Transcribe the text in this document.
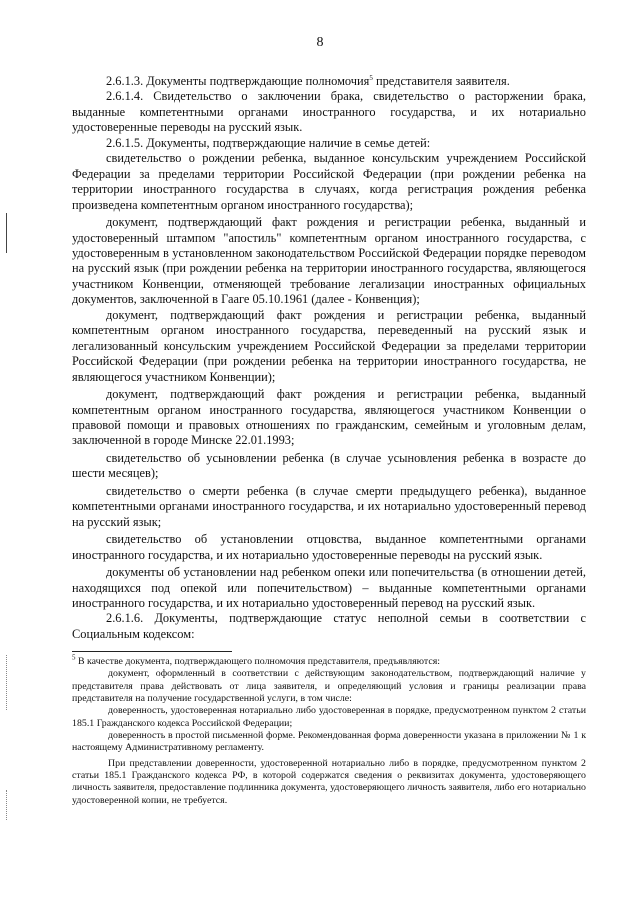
8

2.6.1.3. Документы подтверждающие полномочия$^5$ представителя заявителя.

2.6.1.4. Свидетельство о заключении брака, свидетельство о расторжении брака, выданные компетентными органами иностранного государства, и их нотариально удостоверенные переводы на русский язык.

2.6.1.5. Документы, подтверждающие наличие в семье детей:

свидетельство о рождении ребенка, выданное консульским учреждением Российской Федерации за пределами территории Российской Федерации (при рождении ребенка на территории иностранного государства в случаях, когда регистрация рождения ребенка произведена компетентным органом иностранного государства);

документ, подтверждающий факт рождения и регистрации ребенка, выданный и удостоверенный штампом "апостиль" компетентным органом иностранного государства, с удостоверенным в установленном законодательством Российской Федерации порядке переводом на русский язык (при рождении ребенка на территории иностранного государства, являющегося участником Конвенции, отменяющей требование легализации иностранных официальных документов, заключенной в Гааге 05.10.1961 (далее - Конвенция);

документ, подтверждающий факт рождения и регистрации ребенка, выданный компетентным органом иностранного государства, переведенный на русский язык и легализованный консульским учреждением Российской Федерации за пределами территории Российской Федерации (при рождении ребенка на территории иностранного государства, не являющегося участником Конвенции);

документ, подтверждающий факт рождения и регистрации ребенка, выданный компетентным органом иностранного государства, являющегося участником Конвенции о правовой помощи и правовых отношениях по гражданским, семейным и уголовным делам, заключенной в городе Минске 22.01.1993;

свидетельство об усыновлении ребенка (в случае усыновления ребенка в возрасте до шести месяцев);

свидетельство о смерти ребенка (в случае смерти предыдущего ребенка), выданное компетентными органами иностранного государства, и их нотариально удостоверенный перевод на русский язык;

свидетельство об установлении отцовства, выданное компетентными органами иностранного государства, и их нотариально удостоверенные переводы на русский язык.

документы об установлении над ребенком опеки или попечительства (в отношении детей, находящихся под опекой или попечительством) – выданные компетентными органами иностранного государства, и их нотариально удостоверенный перевод на русский язык.

2.6.1.6. Документы, подтверждающие статус неполной семьи в соответствии с Социальным кодексом:

$^5$ В качестве документа, подтверждающего полномочия представителя, предъявляются:

документ, оформленный в соответствии с действующим законодательством, подтверждающий наличие у представителя права действовать от лица заявителя, и определяющий условия и границы реализации права представителя на получение государственной услуги, в том числе:

доверенность, удостоверенная нотариально либо удостоверенная в порядке, предусмотренном пунктом 2 статьи 185.1 Гражданского кодекса Российской Федерации;

доверенность в простой письменной форме. Рекомендованная форма доверенности указана в приложении № 1 к настоящему Административному регламенту.

При представлении доверенности, удостоверенной нотариально либо в порядке, предусмотренном пунктом 2 статьи 185.1 Гражданского кодекса РФ, в которой содержатся сведения о реквизитах документа, удостоверяющего личность заявителя, предоставление подлинника документа, удостоверяющего личность заявителя, либо его нотариально удостоверенной копии, не требуется.
